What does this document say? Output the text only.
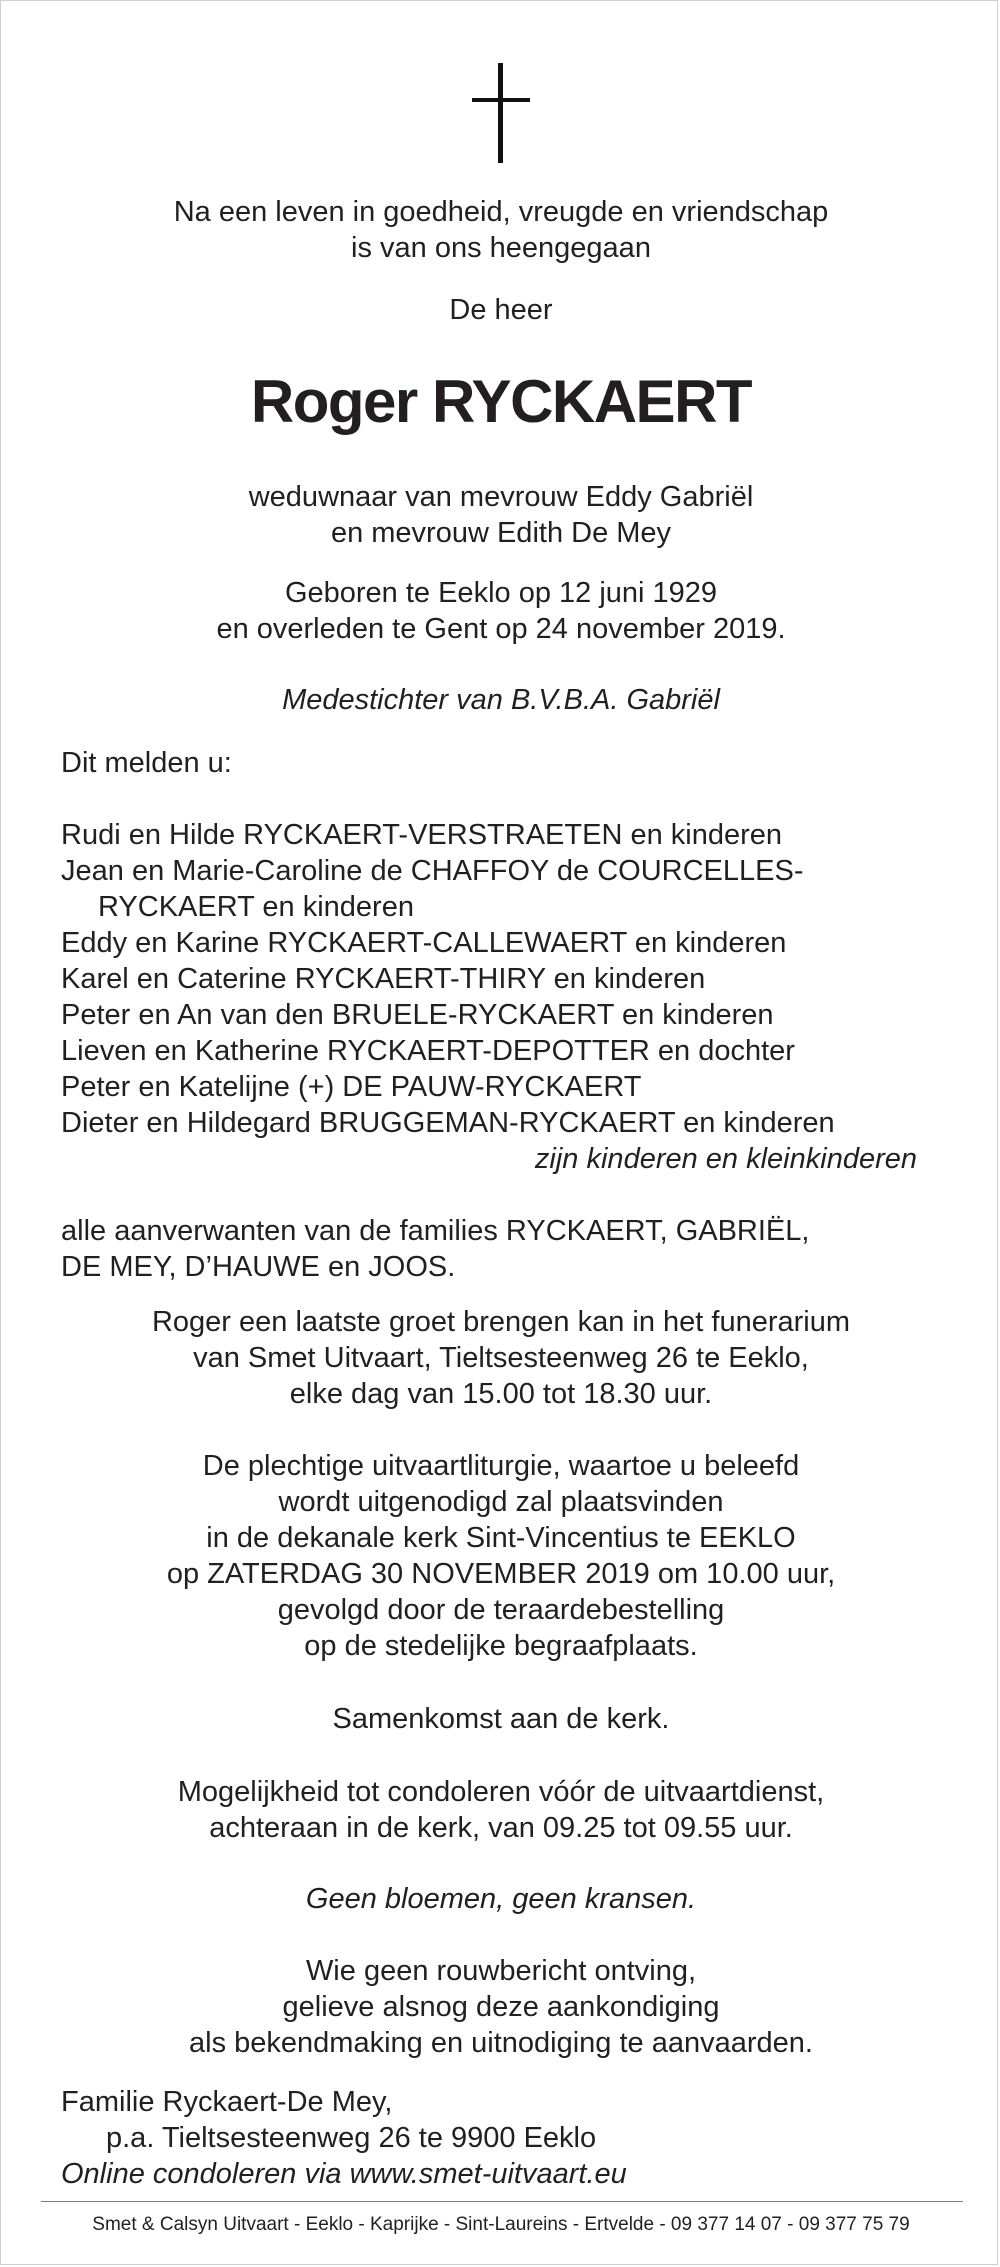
Na een leven in goedheid, vreugde en vriendschap
is van ons heengegaan
De heer
Roger RYCKAERT
weduwnaar van mevrouw Eddy Gabriël
en mevrouw Edith De Mey
Geboren te Eeklo op 12 juni 1929
en overleden te Gent op 24 november 2019.
Medestichter van B.V.B.A. Gabriël
Dit melden u:
Rudi en Hilde RYCKAERT-VERSTRAETEN en kinderen
Jean en Marie-Caroline de CHAFFOY de COURCELLES-
RYCKAERT en kinderen
Eddy en Karine RYCKAERT-CALLEWAERT en kinderen
Karel en Caterine RYCKAERT-THIRY en kinderen
Peter en An van den BRUELE-RYCKAERT en kinderen
Lieven en Katherine RYCKAERT-DEPOTTER en dochter
Peter en Katelijne (+) DE PAUW-RYCKAERT
Dieter en Hildegard BRUGGEMAN-RYCKAERT en kinderen
zijn kinderen en kleinkinderen
alle aanverwanten van de families RYCKAERT, GABRIËL,
DE MEY, D’HAUWE en JOOS.
Roger een laatste groet brengen kan in het funerarium
van Smet Uitvaart, Tieltsesteenweg 26 te Eeklo,
elke dag van 15.00 tot 18.30 uur.
De plechtige uitvaartliturgie, waartoe u beleefd
wordt uitgenodigd zal plaatsvinden
in de dekanale kerk Sint-Vincentius te EEKLO
op ZATERDAG 30 NOVEMBER 2019 om 10.00 uur,
gevolgd door de teraardebestelling
op de stedelijke begraafplaats.
Samenkomst aan de kerk.
Mogelijkheid tot condoleren vóór de uitvaartdienst,
achteraan in de kerk, van 09.25 tot 09.55 uur.
Geen bloemen, geen kransen.
Wie geen rouwbericht ontving,
gelieve alsnog deze aankondiging
als bekendmaking en uitnodiging te aanvaarden.
Familie Ryckaert-De Mey,
p.a. Tieltsesteenweg 26 te 9900 Eeklo
Online condoleren via www.smet-uitvaart.eu
Smet & Calsyn Uitvaart - Eeklo - Kaprijke - Sint-Laureins - Ertvelde - 09 377 14 07 - 09 377 75 79
